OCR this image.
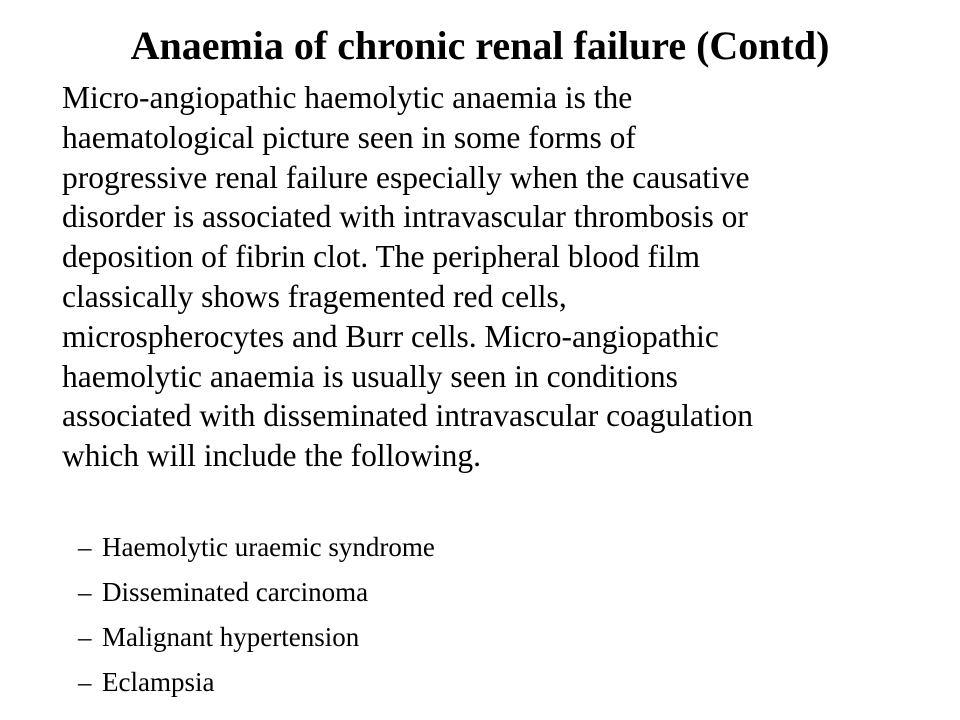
Anaemia of chronic renal failure (Contd)

Micro-angiopathic haemolytic anaemia is the
haematological picture seen in some forms of
progressive renal failure especially when the causative
disorder is associated with intravascular thrombosis or
deposition of fibrin clot. The peripheral blood film
classically shows fragemented red cells,
microspherocytes and Burr cells. Micro-angiopathic
haemolytic anaemia is usually seen in conditions
associated with disseminated intravascular coagulation
which will include the following.

– Haemolytic uraemic syndrome
– Disseminated carcinoma
– Malignant hypertension
– Eclampsia
